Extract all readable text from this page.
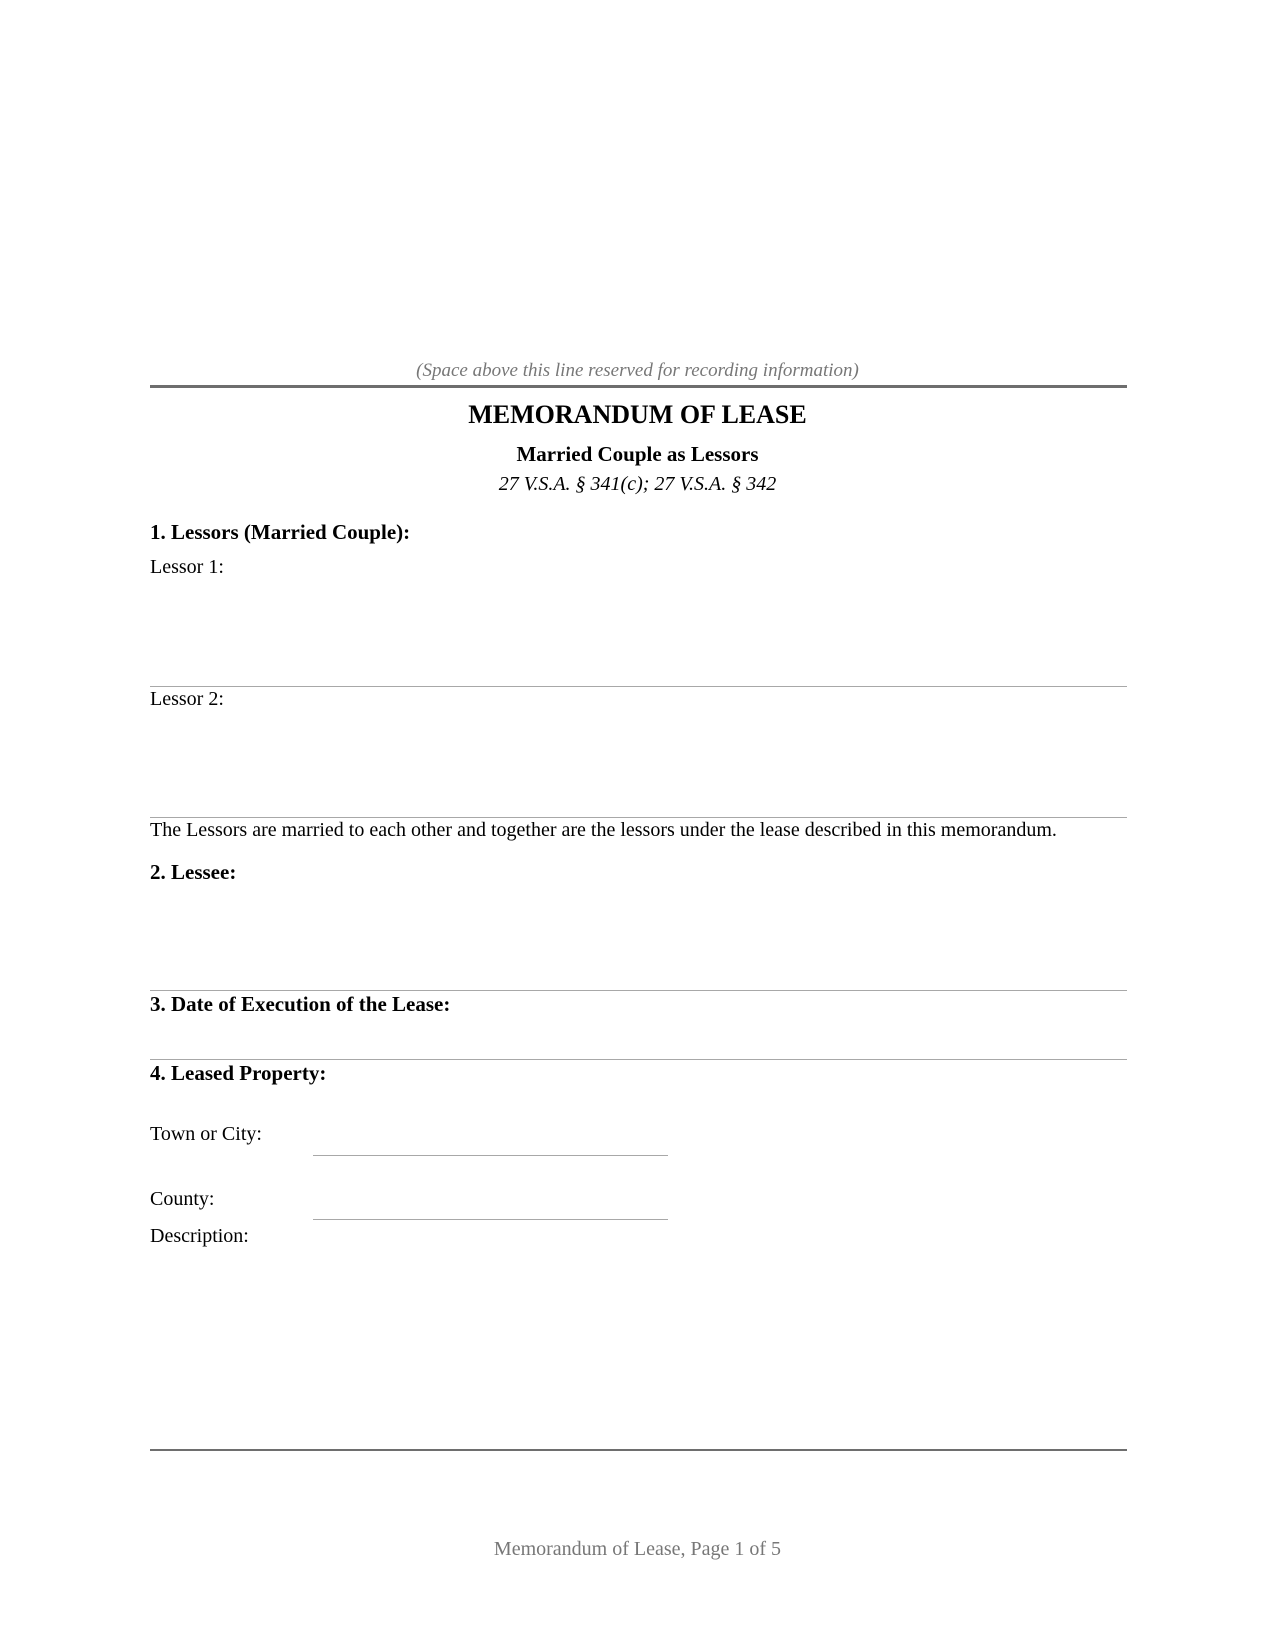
(Space above this line reserved for recording information)
MEMORANDUM OF LEASE
Married Couple as Lessors
27 V.S.A. § 341(c); 27 V.S.A. § 342
1. Lessors (Married Couple):
Lessor 1:
Lessor 2:
The Lessors are married to each other and together are the lessors under the lease described in this memorandum.
2. Lessee:
3. Date of Execution of the Lease:
4. Leased Property:
Town or City:
County:
Description:
Memorandum of Lease, Page 1 of 5
